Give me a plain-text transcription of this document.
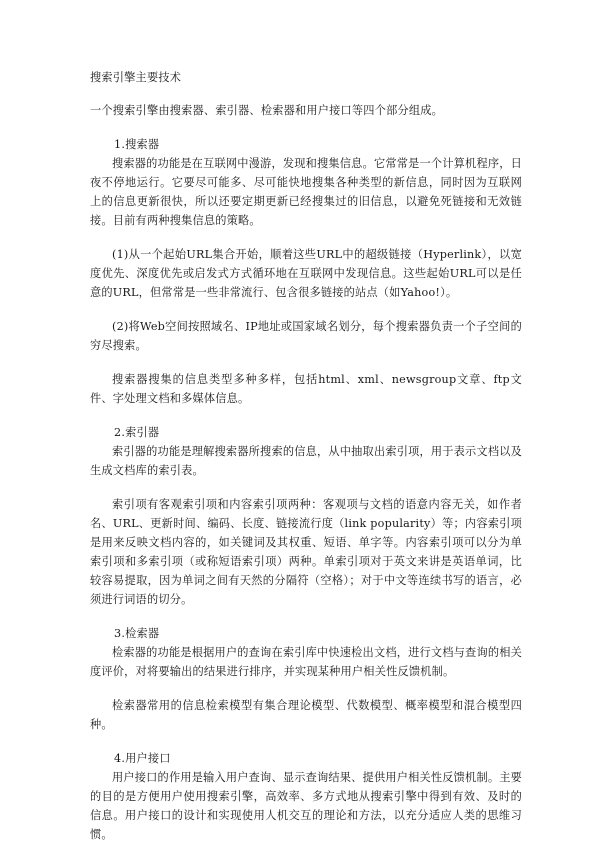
搜索引擎主要技术

一个搜索引擎由搜索器、索引器、检索器和用户接口等四个部分组成。

1.搜索器

搜索器的功能是在互联网中漫游，发现和搜集信息。它常常是一个计算机程序，日夜不停地运行。它要尽可能多、尽可能快地搜集各种类型的新信息，同时因为互联网上的信息更新很快，所以还要定期更新已经搜集过的旧信息，以避免死链接和无效链接。目前有两种搜集信息的策略。

(1)从一个起始URL集合开始，顺着这些URL中的超级链接（Hyperlink），以宽度优先、深度优先或启发式方式循环地在互联网中发现信息。这些起始URL可以是任意的URL，但常常是一些非常流行、包含很多链接的站点（如Yahoo!）。

(2)将Web空间按照域名、IP地址或国家域名划分，每个搜索器负责一个子空间的穷尽搜索。

搜索器搜集的信息类型多种多样，包括html、xml、newsgroup文章、ftp文件、字处理文档和多媒体信息。

2.索引器

索引器的功能是理解搜索器所搜索的信息，从中抽取出索引项，用于表示文档以及生成文档库的索引表。

索引项有客观索引项和内容索引项两种：客观项与文档的语意内容无关，如作者名、URL、更新时间、编码、长度、链接流行度（link popularity）等；内容索引项是用来反映文档内容的，如关键词及其权重、短语、单字等。内容索引项可以分为单索引项和多索引项（或称短语索引项）两种。单索引项对于英文来讲是英语单词，比较容易提取，因为单词之间有天然的分隔符（空格）；对于中文等连续书写的语言，必须进行词语的切分。

3.检索器

检索器的功能是根据用户的查询在索引库中快速检出文档，进行文档与查询的相关度评价，对将要输出的结果进行排序，并实现某种用户相关性反馈机制。

检索器常用的信息检索模型有集合理论模型、代数模型、概率模型和混合模型四种。

4.用户接口

用户接口的作用是输入用户查询、显示查询结果、提供用户相关性反馈机制。主要的目的是方便用户使用搜索引擎，高效率、多方式地从搜索引擎中得到有效、及时的信息。用户接口的设计和实现使用人机交互的理论和方法，以充分适应人类的思维习惯。
